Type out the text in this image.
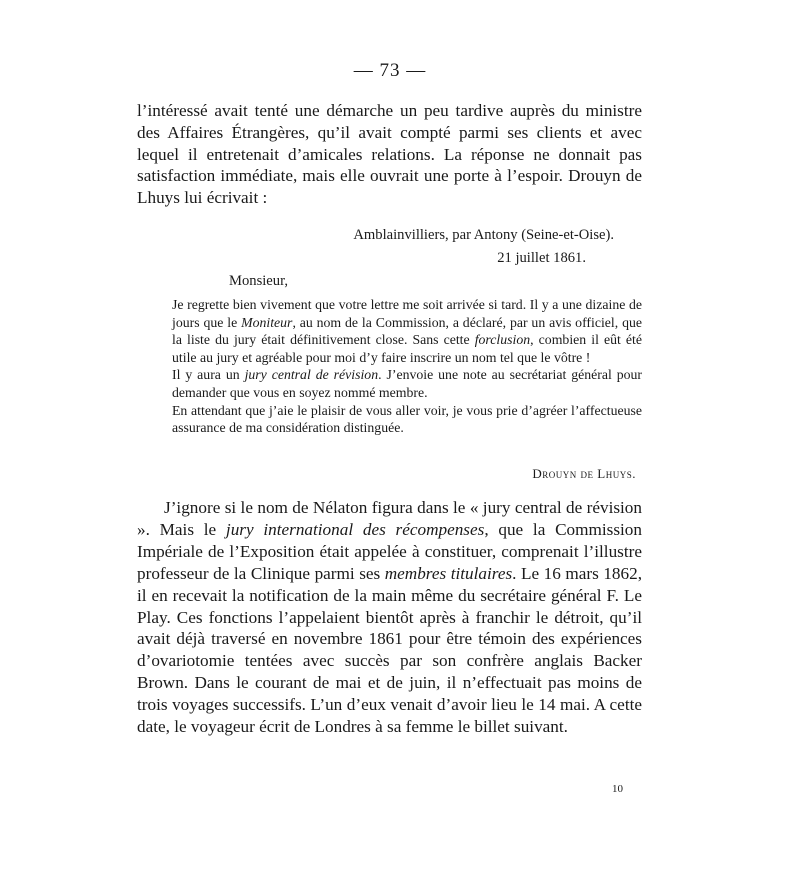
— 73 —

l’intéressé avait tenté une démarche un peu tardive auprès du ministre des Affaires Étrangères, qu’il avait compté parmi ses clients et avec lequel il entretenait d’amicales relations. La réponse ne donnait pas satisfaction immédiate, mais elle ouvrait une porte à l’espoir. Drouyn de Lhuys lui écrivait :

Amblainvilliers, par Antony (Seine-et-Oise).
21 juillet 1861.
Monsieur,

Je regrette bien vivement que votre lettre me soit arrivée si tard. Il y a une dizaine de jours que le Moniteur, au nom de la Commission, a déclaré, par un avis officiel, que la liste du jury était définitivement close. Sans cette forclusion, combien il eût été utile au jury et agréable pour moi d’y faire inscrire un nom tel que le vôtre !

Il y aura un jury central de révision. J’envoie une note au secrétariat général pour demander que vous en soyez nommé membre.

En attendant que j’aie le plaisir de vous aller voir, je vous prie d’agréer l’affectueuse assurance de ma considération distinguée.

Drouyn de Lhuys.

J’ignore si le nom de Nélaton figura dans le « jury central de révision ». Mais le jury international des récompenses, que la Commission Impériale de l’Exposition était appelée à constituer, comprenait l’illustre professeur de la Clinique parmi ses membres titulaires. Le 16 mars 1862, il en recevait la notification de la main même du secrétaire général F. Le Play. Ces fonctions l’appelaient bientôt après à franchir le détroit, qu’il avait déjà traversé en novembre 1861 pour être témoin des expériences d’ovariotomie tentées avec succès par son confrère anglais Backer Brown. Dans le courant de mai et de juin, il n’effectuait pas moins de trois voyages successifs. L’un d’eux venait d’avoir lieu le 14 mai. A cette date, le voyageur écrit de Londres à sa femme le billet suivant.

10
